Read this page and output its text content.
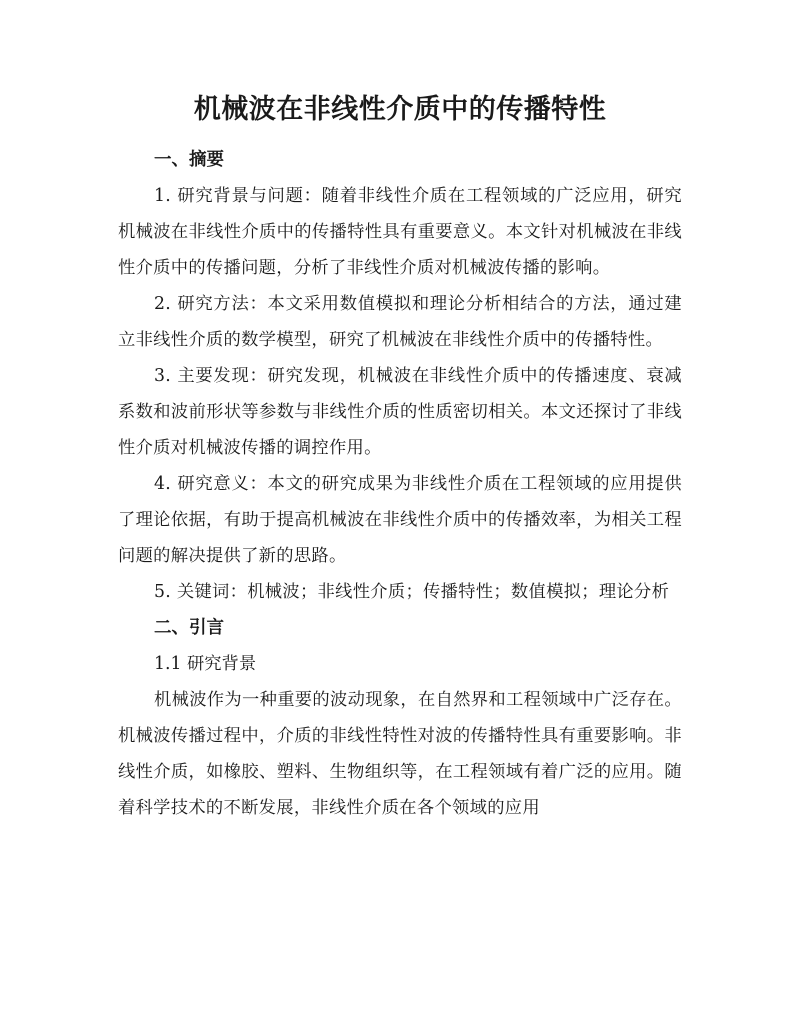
机械波在非线性介质中的传播特性
一、摘要

1. 研究背景与问题：随着非线性介质在工程领域的广泛应用，研究机械波在非线性介质中的传播特性具有重要意义。本文针对机械波在非线性介质中的传播问题，分析了非线性介质对机械波传播的影响。

2. 研究方法：本文采用数值模拟和理论分析相结合的方法，通过建立非线性介质的数学模型，研究了机械波在非线性介质中的传播特性。

3. 主要发现：研究发现，机械波在非线性介质中的传播速度、衰减系数和波前形状等参数与非线性介质的性质密切相关。本文还探讨了非线性介质对机械波传播的调控作用。

4. 研究意义：本文的研究成果为非线性介质在工程领域的应用提供了理论依据，有助于提高机械波在非线性介质中的传播效率，为相关工程问题的解决提供了新的思路。

5. 关键词：机械波；非线性介质；传播特性；数值模拟；理论分析

二、引言

1.1 研究背景

机械波作为一种重要的波动现象，在自然界和工程领域中广泛存在。机械波传播过程中，介质的非线性特性对波的传播特性具有重要影响。非线性介质，如橡胶、塑料、生物组织等，在工程领域有着广泛的应用。随着科学技术的不断发展，非线性介质在各个领域的应用
